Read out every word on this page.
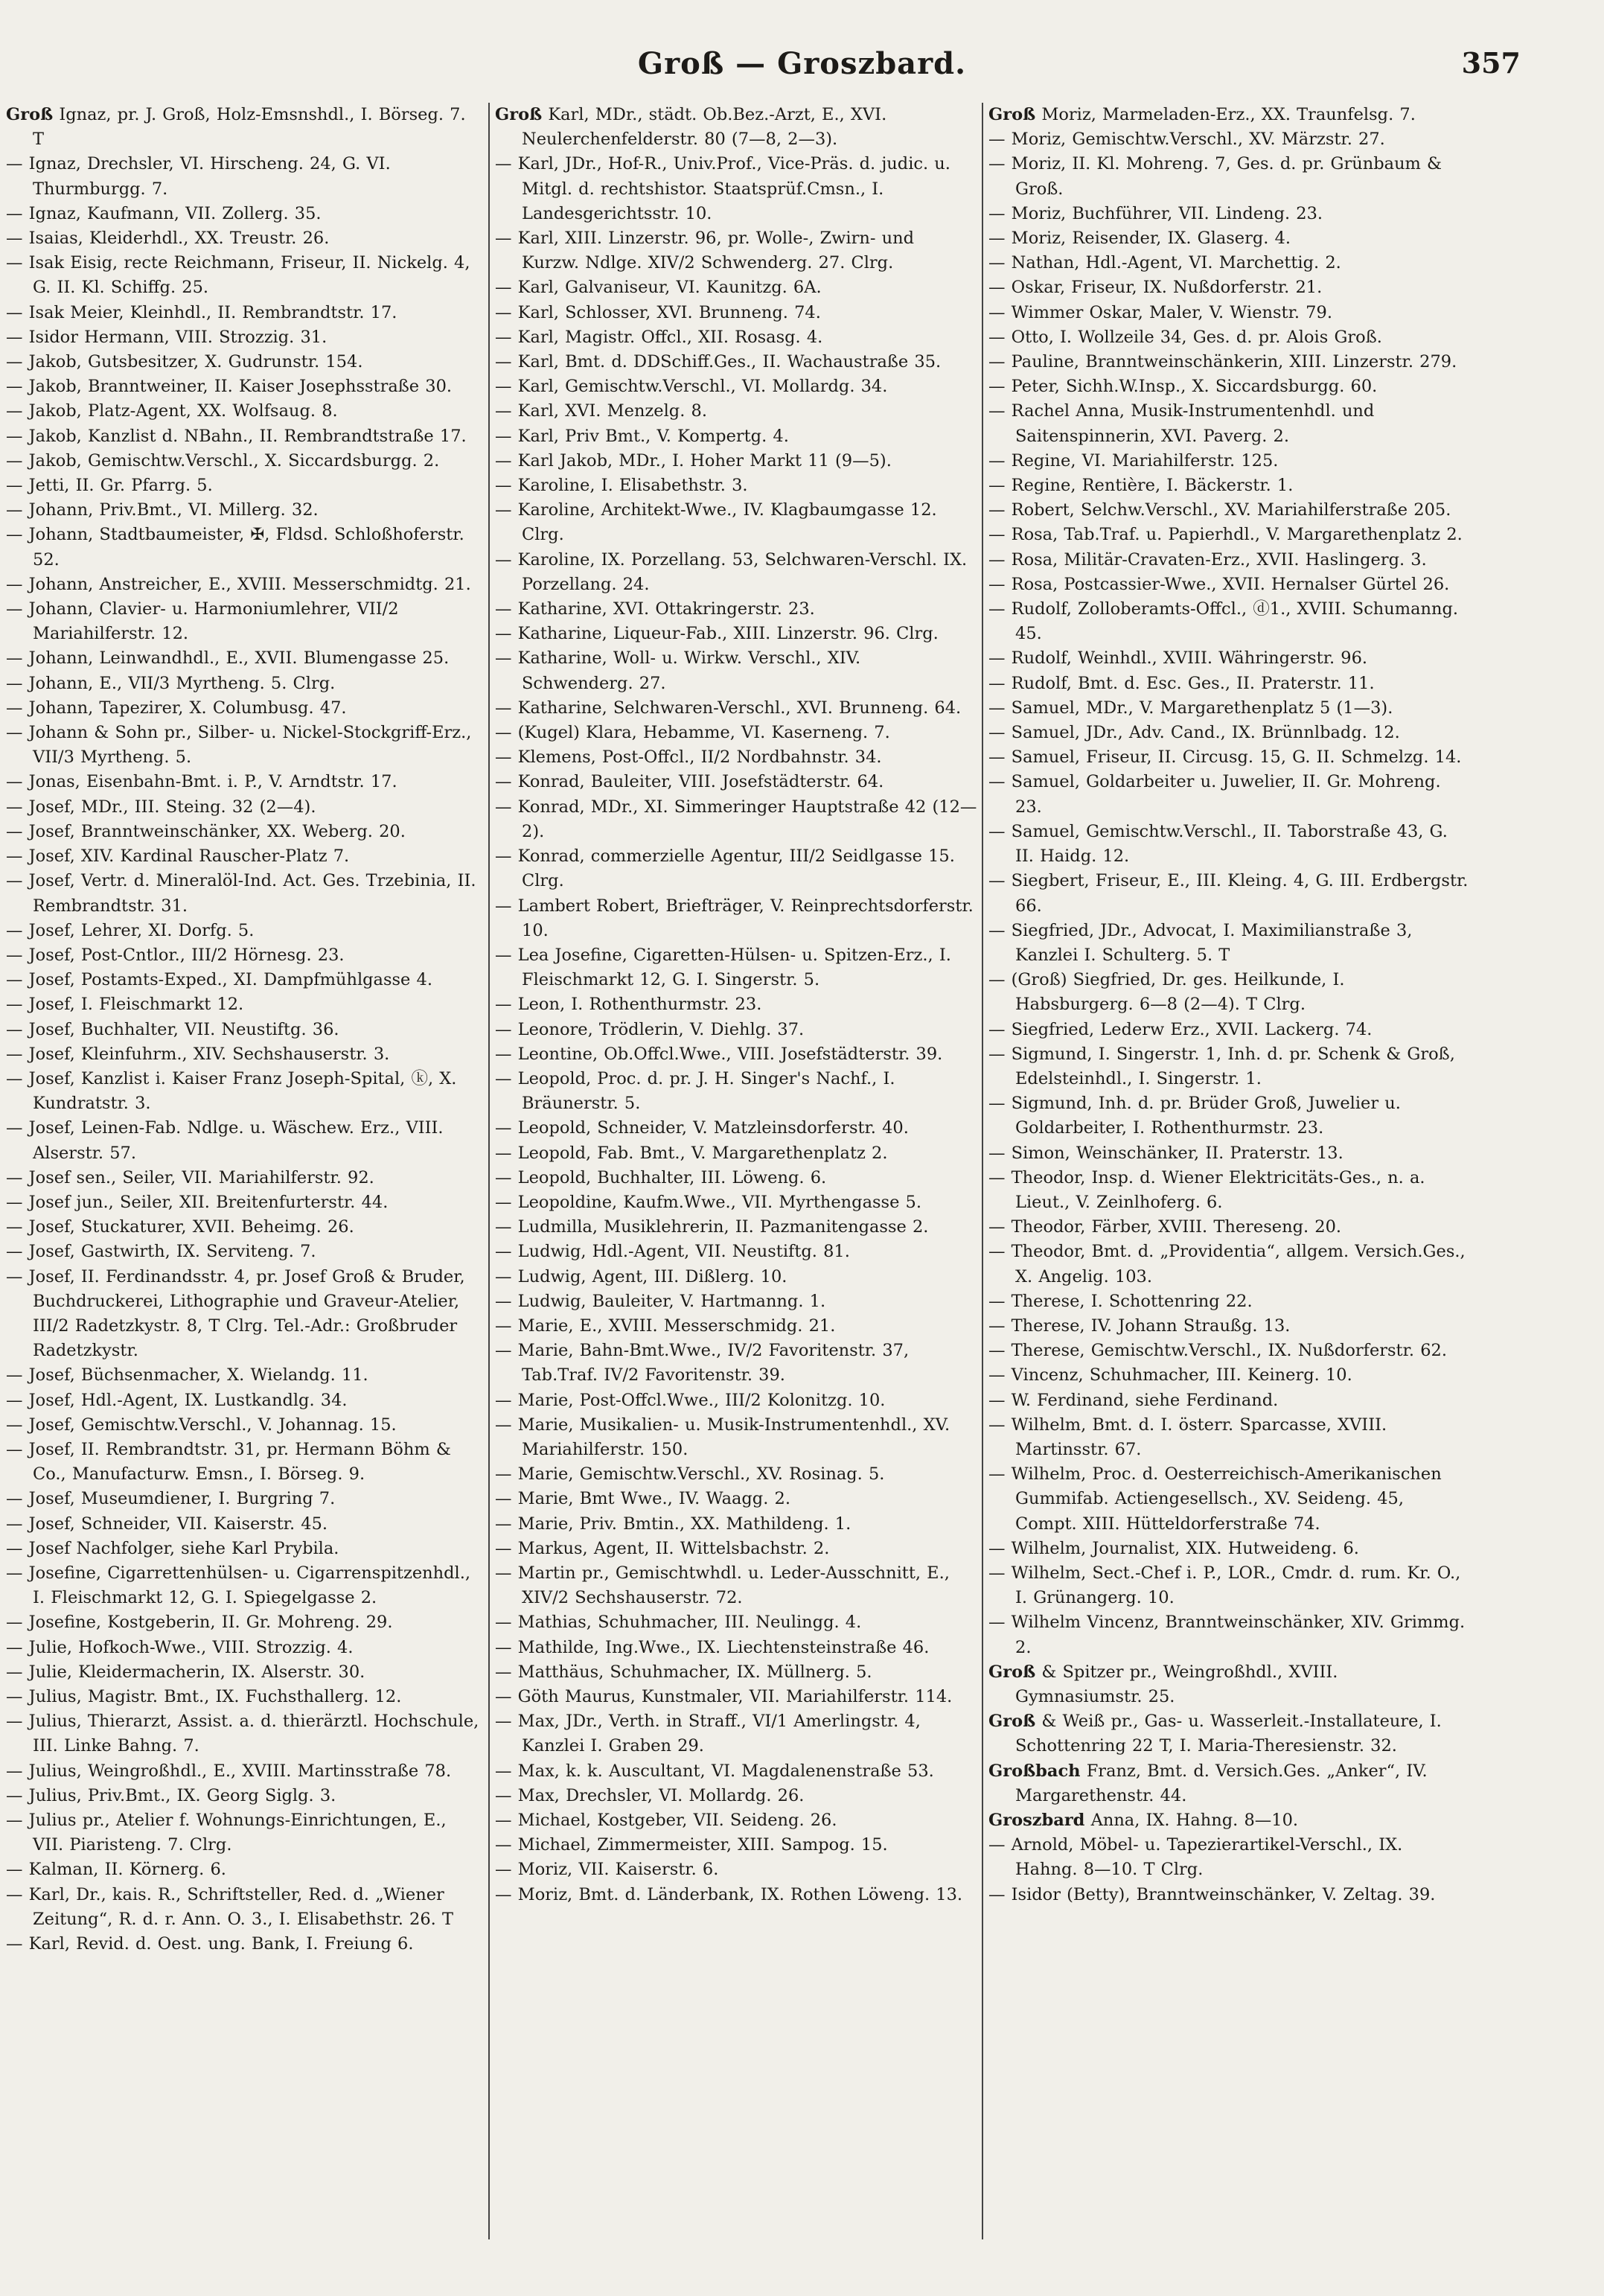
Groß — Groszbard.	357

Groß Ignaz, pr. J. Groß, Holz-Emsnshdl., I. Börseg. 7. T

— Ignaz, Drechsler, VI. Hirscheng. 24, G. VI. Thurmburgg. 7.

— Ignaz, Kaufmann, VII. Zollerg. 35.

— Isaias, Kleiderhdl., XX. Treustr. 26.

— Isak Eisig, recte Reichmann, Friseur, II. Nickelg. 4, G. II. Kl. Schiffg. 25.

— Isak Meier, Kleinhdl., II. Rembrandtstr. 17.

— Isidor Hermann, VIII. Strozzig. 31.

— Jakob, Gutsbesitzer, X. Gudrunstr. 154.

— Jakob, Branntweiner, II. Kaiser Josephsstraße 30.

— Jakob, Platz-Agent, XX. Wolfsaug. 8.

— Jakob, Kanzlist d. NBahn., II. Rembrandtstraße 17.

— Jakob, Gemischtw.Verschl., X. Siccardsburgg. 2.

— Jetti, II. Gr. Pfarrg. 5.

— Johann, Priv.Bmt., VI. Millerg. 32.

— Johann, Stadtbaumeister, ✠, Fldsd. Schloßhoferstr. 52.

— Johann, Anstreicher, E., XVIII. Messerschmidtg. 21.

— Johann, Clavier- u. Harmoniumlehrer, VII/2 Mariahilferstr. 12.

— Johann, Leinwandhdl., E., XVII. Blumengasse 25.

— Johann, E., VII/3 Myrtheng. 5. Clrg.

— Johann, Tapezirer, X. Columbusg. 47.

— Johann & Sohn pr., Silber- u. Nickel-Stockgriff-Erz., VII/3 Myrtheng. 5.

— Jonas, Eisenbahn-Bmt. i. P., V. Arndtstr. 17.

— Josef, MDr., III. Steing. 32 (2—4).

— Josef, Branntweinschänker, XX. Weberg. 20.

— Josef, XIV. Kardinal Rauscher-Platz 7.

— Josef, Vertr. d. Mineralöl-Ind. Act. Ges. Trzebinia, II. Rembrandtstr. 31.

— Josef, Lehrer, XI. Dorfg. 5.

— Josef, Post-Cntlor., III/2 Hörnesg. 23.

— Josef, Postamts-Exped., XI. Dampfmühlgasse 4.

— Josef, I. Fleischmarkt 12.

— Josef, Buchhalter, VII. Neustiftg. 36.

— Josef, Kleinfuhrm., XIV. Sechshauserstr. 3.

— Josef, Kanzlist i. Kaiser Franz Joseph-Spital, ⓚ, X. Kundratstr. 3.

— Josef, Leinen-Fab. Ndlge. u. Wäschew. Erz., VIII. Alserstr. 57.

— Josef sen., Seiler, VII. Mariahilferstr. 92.

— Josef jun., Seiler, XII. Breitenfurterstr. 44.

— Josef, Stuckaturer, XVII. Beheimg. 26.

— Josef, Gastwirth, IX. Serviteng. 7.

— Josef, II. Ferdinandsstr. 4, pr. Josef Groß & Bruder, Buchdruckerei, Lithographie und Graveur-Atelier, III/2 Radetzkystr. 8, T Clrg. Tel.-Adr.: Großbruder Radetzkystr.

— Josef, Büchsenmacher, X. Wielandg. 11.

— Josef, Hdl.-Agent, IX. Lustkandlg. 34.

— Josef, Gemischtw.Verschl., V. Johannag. 15.

— Josef, II. Rembrandtstr. 31, pr. Hermann Böhm & Co., Manufacturw. Emsn., I. Börseg. 9.

— Josef, Museumdiener, I. Burgring 7.

— Josef, Schneider, VII. Kaiserstr. 45.

— Josef Nachfolger, siehe Karl Prybila.

— Josefine, Cigarrettenhülsen- u. Cigarrenspitzenhdl., I. Fleischmarkt 12, G. I. Spiegelgasse 2.

— Josefine, Kostgeberin, II. Gr. Mohreng. 29.

— Julie, Hofkoch-Wwe., VIII. Strozzig. 4.

— Julie, Kleidermacherin, IX. Alserstr. 30.

— Julius, Magistr. Bmt., IX. Fuchsthallerg. 12.

— Julius, Thierarzt, Assist. a. d. thierärztl. Hochschule, III. Linke Bahng. 7.

— Julius, Weingroßhdl., E., XVIII. Martinsstraße 78.

— Julius, Priv.Bmt., IX. Georg Siglg. 3.

— Julius pr., Atelier f. Wohnungs-Einrichtungen, E., VII. Piaristeng. 7. Clrg.

— Kalman, II. Körnerg. 6.

— Karl, Dr., kais. R., Schriftsteller, Red. d. „Wiener Zeitung“, R. d. r. Ann. O. 3., I. Elisabethstr. 26. T

— Karl, Revid. d. Oest. ung. Bank, I. Freiung 6.

Groß Karl, MDr., städt. Ob.Bez.-Arzt, E., XVI. Neulerchenfelderstr. 80 (7—8, 2—3).

— Karl, JDr., Hof-R., Univ.Prof., Vice-Präs. d. judic. u. Mitgl. d. rechtshistor. Staatsprüf.Cmsn., I. Landesgerichtsstr. 10.

— Karl, XIII. Linzerstr. 96, pr. Wolle-, Zwirn- und Kurzw. Ndlge. XIV/2 Schwenderg. 27. Clrg.

— Karl, Galvaniseur, VI. Kaunitzg. 6A.

— Karl, Schlosser, XVI. Brunneng. 74.

— Karl, Magistr. Offcl., XII. Rosasg. 4.

— Karl, Bmt. d. DDSchiff.Ges., II. Wachaustraße 35.

— Karl, Gemischtw.Verschl., VI. Mollardg. 34.

— Karl, XVI. Menzelg. 8.

— Karl, Priv Bmt., V. Kompertg. 4.

— Karl Jakob, MDr., I. Hoher Markt 11 (9—5).

— Karoline, I. Elisabethstr. 3.

— Karoline, Architekt-Wwe., IV. Klagbaumgasse 12. Clrg.

— Karoline, IX. Porzellang. 53, Selchwaren-Verschl. IX. Porzellang. 24.

— Katharine, XVI. Ottakringerstr. 23.

— Katharine, Liqueur-Fab., XIII. Linzerstr. 96. Clrg.

— Katharine, Woll- u. Wirkw. Verschl., XIV. Schwenderg. 27.

— Katharine, Selchwaren-Verschl., XVI. Brunneng. 64.

— (Kugel) Klara, Hebamme, VI. Kaserneng. 7.

— Klemens, Post-Offcl., II/2 Nordbahnstr. 34.

— Konrad, Bauleiter, VIII. Josefstädterstr. 64.

— Konrad, MDr., XI. Simmeringer Hauptstraße 42 (12—2).

— Konrad, commerzielle Agentur, III/2 Seidlgasse 15. Clrg.

— Lambert Robert, Briefträger, V. Reinprechtsdorferstr. 10.

— Lea Josefine, Cigaretten-Hülsen- u. Spitzen-Erz., I. Fleischmarkt 12, G. I. Singerstr. 5.

— Leon, I. Rothenthurmstr. 23.

— Leonore, Trödlerin, V. Diehlg. 37.

— Leontine, Ob.Offcl.Wwe., VIII. Josefstädterstr. 39.

— Leopold, Proc. d. pr. J. H. Singer's Nachf., I. Bräunerstr. 5.

— Leopold, Schneider, V. Matzleinsdorferstr. 40.

— Leopold, Fab. Bmt., V. Margarethenplatz 2.

— Leopold, Buchhalter, III. Löweng. 6.

— Leopoldine, Kaufm.Wwe., VII. Myrthengasse 5.

— Ludmilla, Musiklehrerin, II. Pazmanitengasse 2.

— Ludwig, Hdl.-Agent, VII. Neustiftg. 81.

— Ludwig, Agent, III. Dißlerg. 10.

— Ludwig, Bauleiter, V. Hartmanng. 1.

— Marie, E., XVIII. Messerschmidg. 21.

— Marie, Bahn-Bmt.Wwe., IV/2 Favoritenstr. 37, Tab.Traf. IV/2 Favoritenstr. 39.

— Marie, Post-Offcl.Wwe., III/2 Kolonitzg. 10.

— Marie, Musikalien- u. Musik-Instrumentenhdl., XV. Mariahilferstr. 150.

— Marie, Gemischtw.Verschl., XV. Rosinag. 5.

— Marie, Bmt Wwe., IV. Waagg. 2.

— Marie, Priv. Bmtin., XX. Mathildeng. 1.

— Markus, Agent, II. Wittelsbachstr. 2.

— Martin pr., Gemischtwhdl. u. Leder-Ausschnitt, E., XIV/2 Sechshauserstr. 72.

— Mathias, Schuhmacher, III. Neulingg. 4.

— Mathilde, Ing.Wwe., IX. Liechtensteinstraße 46.

— Matthäus, Schuhmacher, IX. Müllnerg. 5.

— Göth Maurus, Kunstmaler, VII. Mariahilferstr. 114.

— Max, JDr., Verth. in Straff., VI/1 Amerlingstr. 4, Kanzlei I. Graben 29.

— Max, k. k. Auscultant, VI. Magdalenenstraße 53.

— Max, Drechsler, VI. Mollardg. 26.

— Michael, Kostgeber, VII. Seideng. 26.

— Michael, Zimmermeister, XIII. Sampog. 15.

— Moriz, VII. Kaiserstr. 6.

— Moriz, Bmt. d. Länderbank, IX. Rothen Löweng. 13.

Groß Moriz, Marmeladen-Erz., XX. Traunfelsg. 7.

— Moriz, Gemischtw.Verschl., XV. Märzstr. 27.

— Moriz, II. Kl. Mohreng. 7, Ges. d. pr. Grünbaum & Groß.

— Moriz, Buchführer, VII. Lindeng. 23.

— Moriz, Reisender, IX. Glaserg. 4.

— Nathan, Hdl.-Agent, VI. Marchettig. 2.

— Oskar, Friseur, IX. Nußdorferstr. 21.

— Wimmer Oskar, Maler, V. Wienstr. 79.

— Otto, I. Wollzeile 34, Ges. d. pr. Alois Groß.

— Pauline, Branntweinschänkerin, XIII. Linzerstr. 279.

— Peter, Sichh.W.Insp., X. Siccardsburgg. 60.

— Rachel Anna, Musik-Instrumentenhdl. und Saitenspinnerin, XVI. Paverg. 2.

— Regine, VI. Mariahilferstr. 125.

— Regine, Rentière, I. Bäckerstr. 1.

— Robert, Selchw.Verschl., XV. Mariahilferstraße 205.

— Rosa, Tab.Traf. u. Papierhdl., V. Margarethenplatz 2.

— Rosa, Militär-Cravaten-Erz., XVII. Haslingerg. 3.

— Rosa, Postcassier-Wwe., XVII. Hernalser Gürtel 26.

— Rudolf, Zolloberamts-Offcl., ⓓ1., XVIII. Schumanng. 45.

— Rudolf, Weinhdl., XVIII. Währingerstr. 96.

— Rudolf, Bmt. d. Esc. Ges., II. Praterstr. 11.

— Samuel, MDr., V. Margarethenplatz 5 (1—3).

— Samuel, JDr., Adv. Cand., IX. Brünnlbadg. 12.

— Samuel, Friseur, II. Circusg. 15, G. II. Schmelzg. 14.

— Samuel, Goldarbeiter u. Juwelier, II. Gr. Mohreng. 23.

— Samuel, Gemischtw.Verschl., II. Taborstraße 43, G. II. Haidg. 12.

— Siegbert, Friseur, E., III. Kleing. 4, G. III. Erdbergstr. 66.

— Siegfried, JDr., Advocat, I. Maximilianstraße 3, Kanzlei I. Schulterg. 5. T

— (Groß) Siegfried, Dr. ges. Heilkunde, I. Habsburgerg. 6—8 (2—4). T Clrg.

— Siegfried, Lederw Erz., XVII. Lackerg. 74.

— Sigmund, I. Singerstr. 1, Inh. d. pr. Schenk & Groß, Edelsteinhdl., I. Singerstr. 1.

— Sigmund, Inh. d. pr. Brüder Groß, Juwelier u. Goldarbeiter, I. Rothenthurmstr. 23.

— Simon, Weinschänker, II. Praterstr. 13.

— Theodor, Insp. d. Wiener Elektricitäts-Ges., n. a. Lieut., V. Zeinlhoferg. 6.

— Theodor, Färber, XVIII. Thereseng. 20.

— Theodor, Bmt. d. „Providentia“, allgem. Versich.Ges., X. Angelig. 103.

— Therese, I. Schottenring 22.

— Therese, IV. Johann Straußg. 13.

— Therese, Gemischtw.Verschl., IX. Nußdorferstr. 62.

— Vincenz, Schuhmacher, III. Keinerg. 10.

— W. Ferdinand, siehe Ferdinand.

— Wilhelm, Bmt. d. I. österr. Sparcasse, XVIII. Martinsstr. 67.

— Wilhelm, Proc. d. Oesterreichisch-Amerikanischen Gummifab. Actiengesellsch., XV. Seideng. 45, Compt. XIII. Hütteldorferstraße 74.

— Wilhelm, Journalist, XIX. Hutweideng. 6.

— Wilhelm, Sect.-Chef i. P., LOR., Cmdr. d. rum. Kr. O., I. Grünangerg. 10.

— Wilhelm Vincenz, Branntweinschänker, XIV. Grimmg. 2.

Groß & Spitzer pr., Weingroßhdl., XVIII. Gymnasiumstr. 25.

Groß & Weiß pr., Gas- u. Wasserleit.-Installateure, I. Schottenring 22 T, I. Maria-Theresienstr. 32.

Großbach Franz, Bmt. d. Versich.Ges. „Anker“, IV. Margarethenstr. 44.

Groszbard Anna, IX. Hahng. 8—10.

— Arnold, Möbel- u. Tapezierartikel-Verschl., IX. Hahng. 8—10. T Clrg.

— Isidor (Betty), Branntweinschänker, V. Zeltag. 39.
